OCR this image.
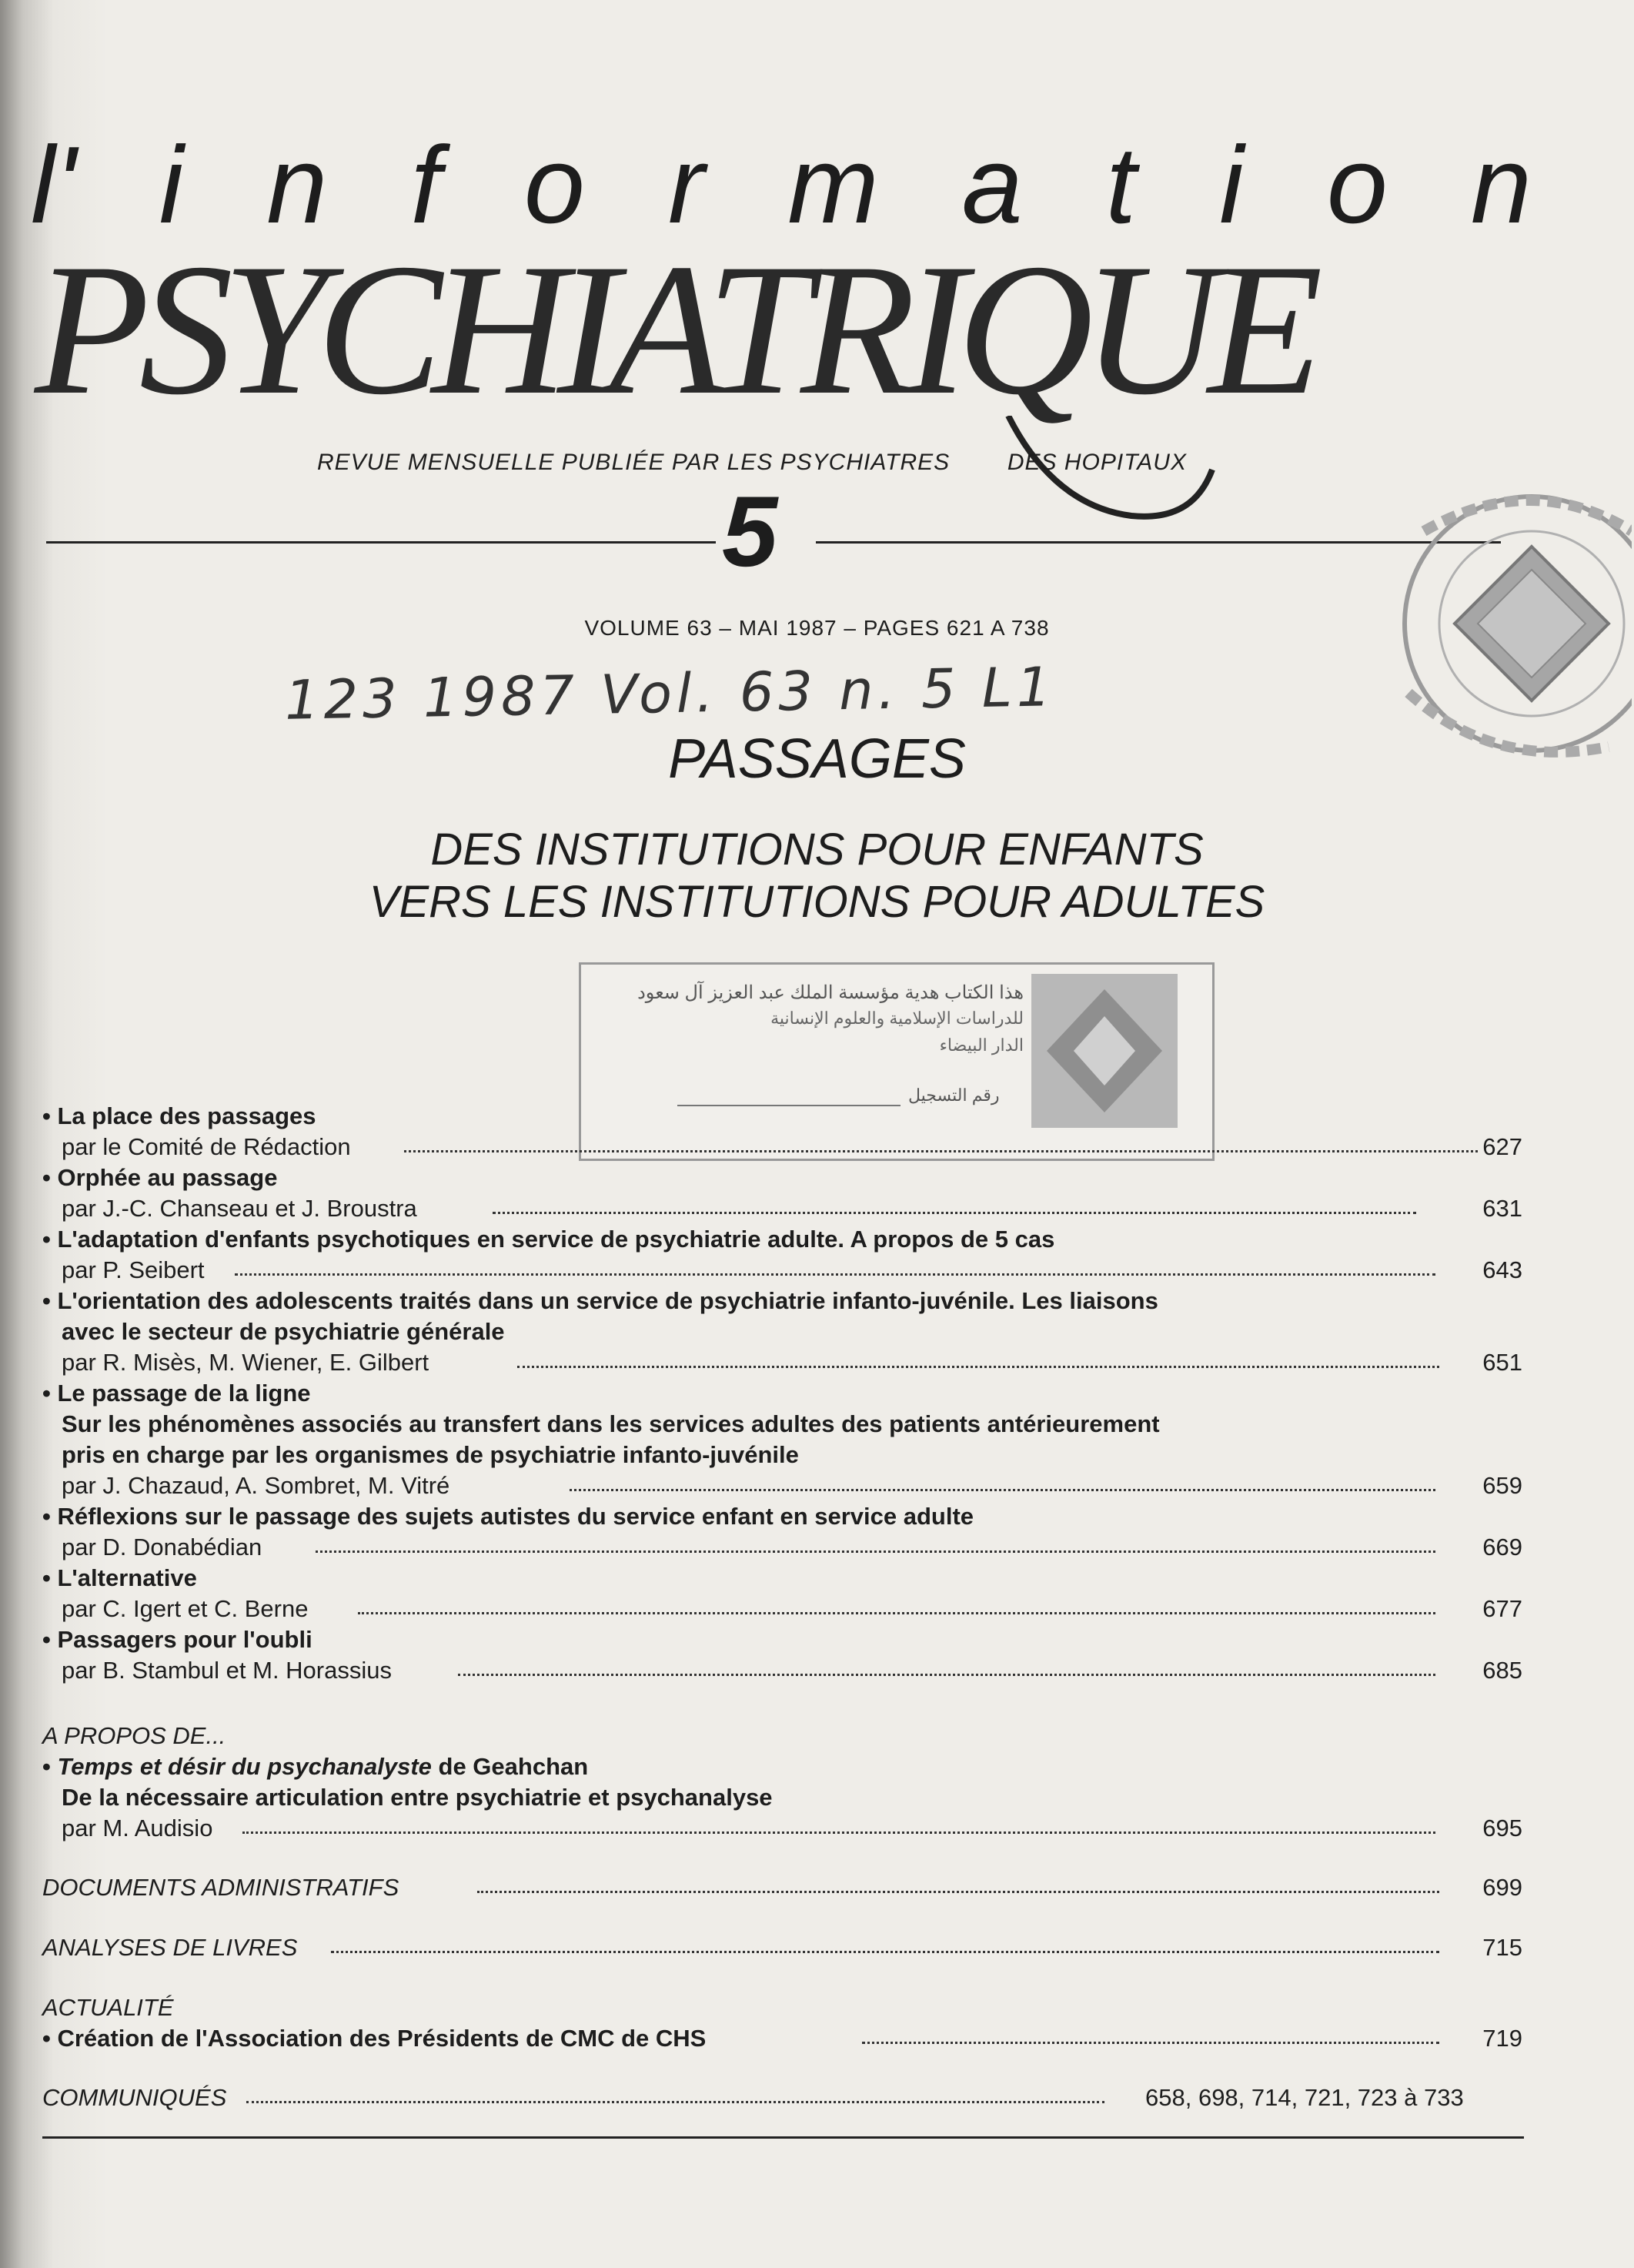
l' i n f o r m a t i o n
PSYCHIATRIQUE
REVUE MENSUELLE PUBLIÉE PAR LES PSYCHIATRES DES HOPITAUX
5
VOLUME 63 – MAI 1987 – PAGES 621 A 738
123 1987 Vol. 63 n. 5 L1
PASSAGES
DES INSTITUTIONS POUR ENFANTS
VERS LES INSTITUTIONS POUR ADULTES
هذا الكتاب هدية مؤسسة الملك عبد العزيز آل سعود
للدراسات الإسلامية والعلوم الإنسانية
الدار البيضاء
رقم التسجيل
• La place des passages
par le Comité de Rédaction	627
• Orphée au passage
par J.-C. Chanseau et J. Broustra	631
• L'adaptation d'enfants psychotiques en service de psychiatrie adulte. A propos de 5 cas
par P. Seibert	643
• L'orientation des adolescents traités dans un service de psychiatrie infanto-juvénile. Les liaisons
avec le secteur de psychiatrie générale
par R. Misès, M. Wiener, E. Gilbert	651
• Le passage de la ligne
Sur les phénomènes associés au transfert dans les services adultes des patients antérieurement
pris en charge par les organismes de psychiatrie infanto-juvénile
par J. Chazaud, A. Sombret, M. Vitré	659
• Réflexions sur le passage des sujets autistes du service enfant en service adulte
par D. Donabédian	669
• L'alternative
par C. Igert et C. Berne	677
• Passagers pour l'oubli
par B. Stambul et M. Horassius	685
A PROPOS DE...
• Temps et désir du psychanalyste de Geahchan
De la nécessaire articulation entre psychiatrie et psychanalyse
par M. Audisio	695
DOCUMENTS ADMINISTRATIFS	699
ANALYSES DE LIVRES	715
ACTUALITÉ
• Création de l'Association des Présidents de CMC de CHS	719
COMMUNIQUÉS	658, 698, 714, 721, 723 à 733
